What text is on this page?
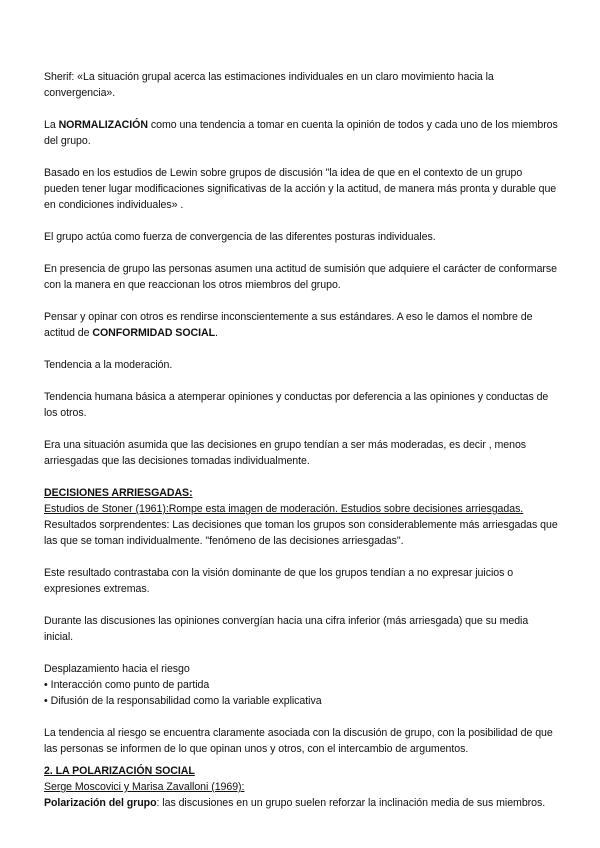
Sherif: «La situación grupal acerca las estimaciones individuales en un claro movimiento hacia la convergencia».

La NORMALIZACIÓN como una tendencia a tomar en cuenta la opinión de todos y cada uno de los miembros del grupo.

Basado en los estudios de Lewin sobre grupos de discusión "la idea de que en el contexto de un grupo pueden tener lugar modificaciones significativas de la acción y la actitud, de manera más pronta y durable que en condiciones individuales» .

El grupo actúa como fuerza de convergencia de las diferentes posturas individuales.

En presencia de grupo las personas asumen una actitud de sumisión que adquiere el carácter de conformarse con la manera en que reaccionan los otros miembros del grupo.

Pensar y opinar con otros es rendirse inconscientemente a sus estándares. A eso le damos el nombre de actitud de CONFORMIDAD SOCIAL.

Tendencia a la moderación.

Tendencia humana básica a atemperar opiniones y conductas por deferencia a las opiniones y conductas de los otros.

Era una situación asumida que las decisiones en grupo tendían a ser más moderadas, es decir , menos arriesgadas que las decisiones tomadas individualmente.

DECISIONES ARRIESGADAS:

Estudios de Stoner (1961):Rompe esta imagen de moderación. Estudios sobre decisiones arriesgadas.

Resultados sorprendentes: Las decisiones que toman los grupos son considerablemente más arriesgadas que las que se toman individualmente. "fenómeno de las decisiones arriesgadas".

Este resultado contrastaba con la visión dominante de que los grupos tendían a no expresar juicios o expresiones extremas.

Durante las discusiones las opiniones convergían hacia una cifra inferior (más arriesgada) que su media inicial.

Desplazamiento hacia el riesgo

• Interacción como punto de partida

• Difusión de la responsabilidad como la variable explicativa

La tendencia al riesgo se encuentra claramente asociada con la discusión de grupo, con la posibilidad de que las personas se informen de lo que opinan unos y otros, con el intercambio de argumentos.

2. LA POLARIZACIÓN SOCIAL

Serge Moscovici y Marisa Zavalloni (1969):

Polarización del grupo: las discusiones en un grupo suelen reforzar la inclinación media de sus miembros.
